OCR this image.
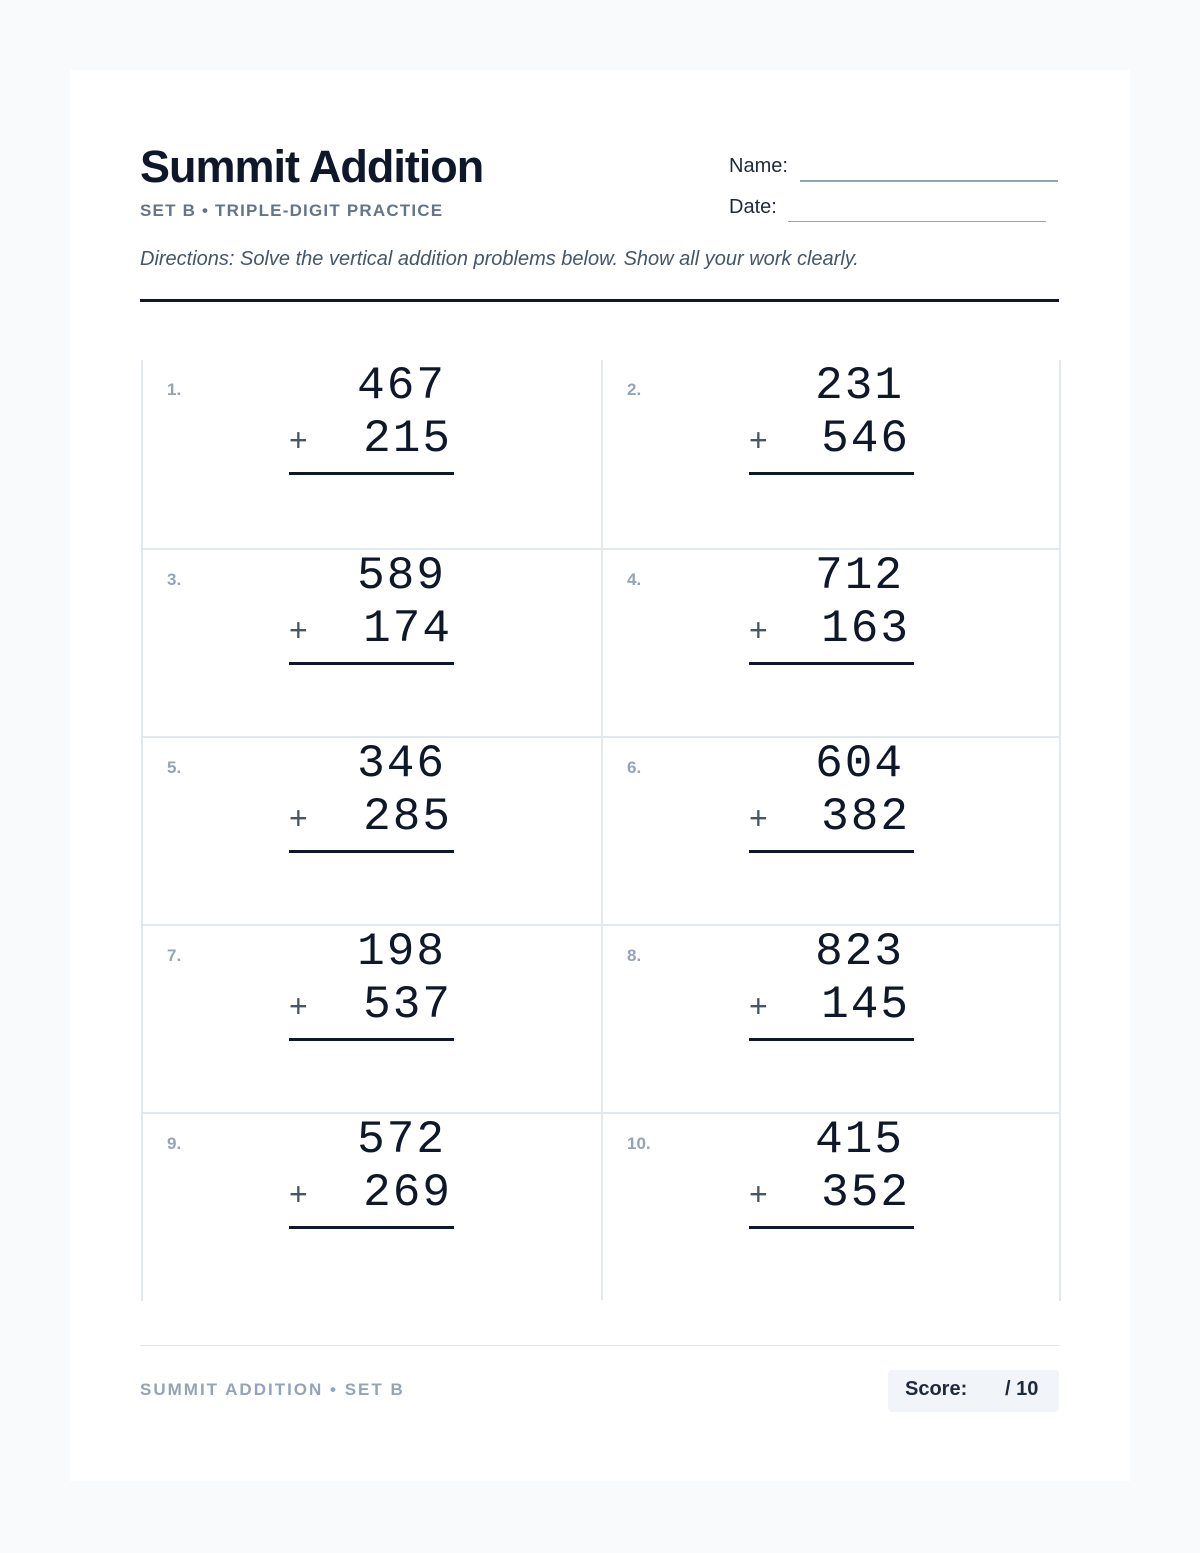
Summit Addition
SET B • TRIPLE-DIGIT PRACTICE
Name:
Date:
Directions: Solve the vertical addition problems below. Show all your work clearly.
1.	467
+ 215
2.	231
+ 546
3.	589
+ 174
4.	712
+ 163
5.	346
+ 285
6.	604
+ 382
7.	198
+ 537
8.	823
+ 145
9.	572
+ 269
10.	415
+ 352
SUMMIT ADDITION • SET B	Score: / 10
